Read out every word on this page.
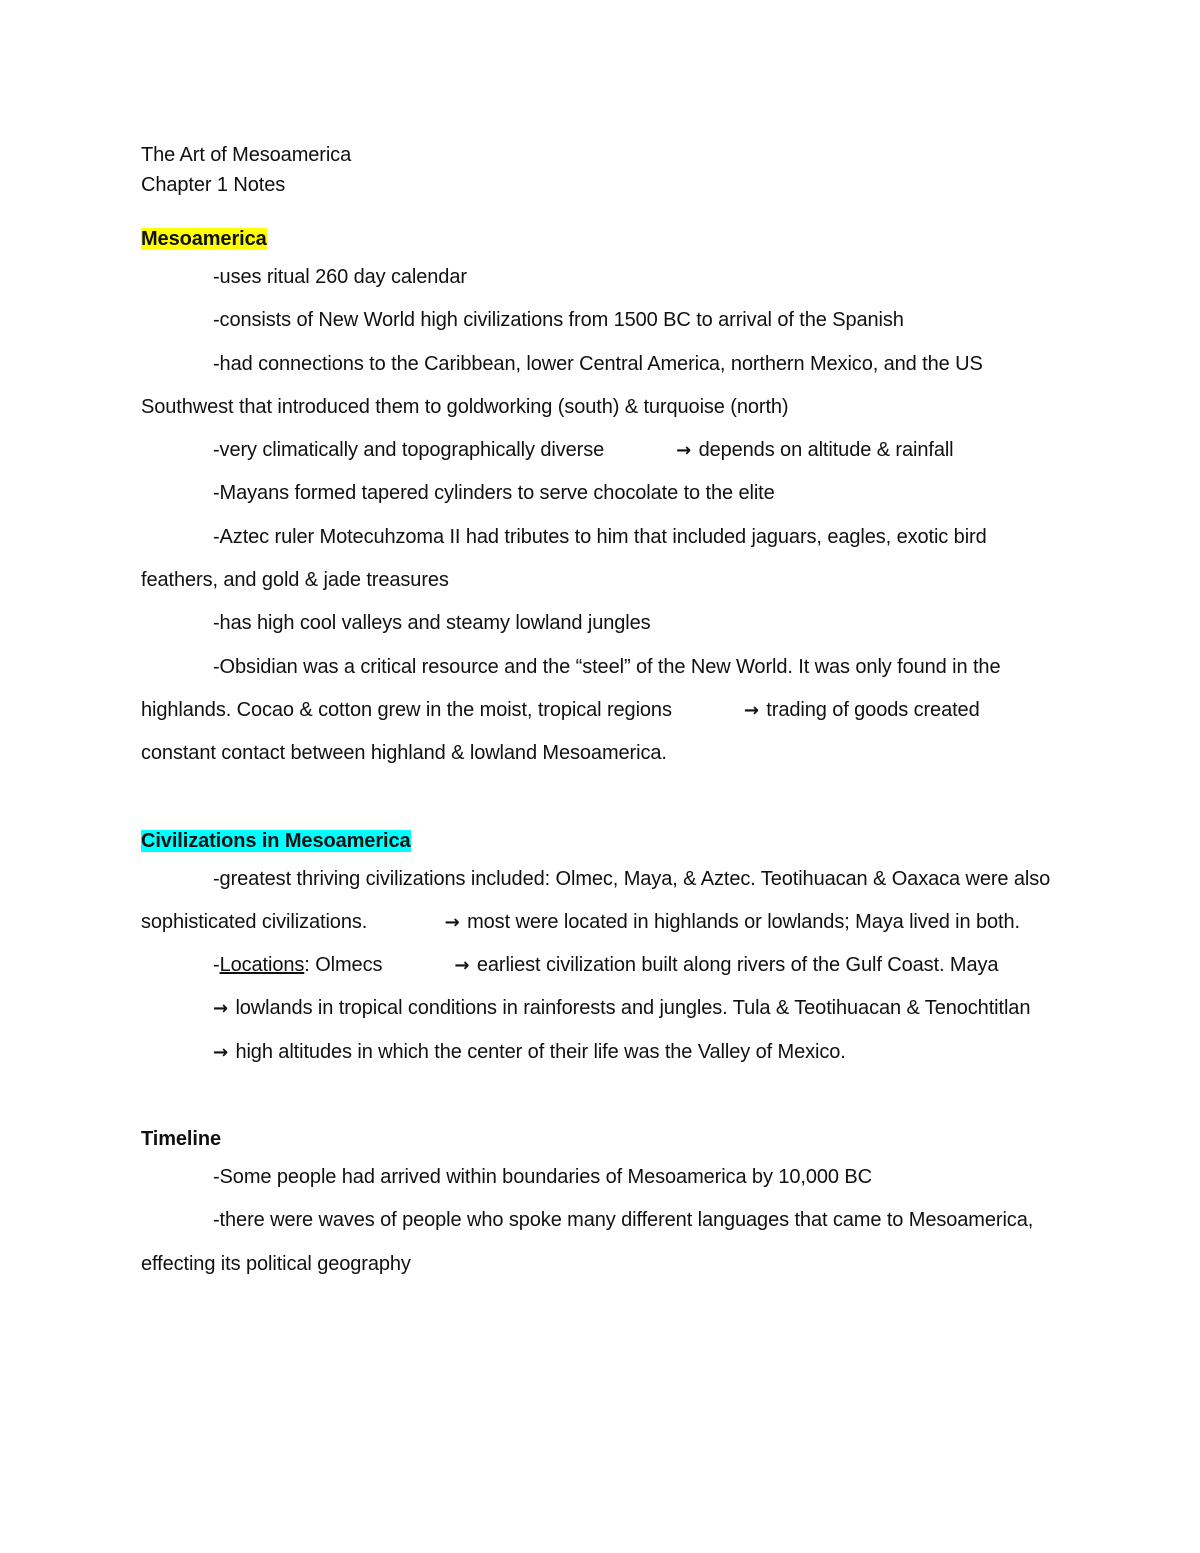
The Art of Mesoamerica
Chapter 1 Notes
Mesoamerica

-uses ritual 260 day calendar

-consists of New World high civilizations from 1500 BC to arrival of the Spanish

-had connections to the Caribbean, lower Central America, northern Mexico, and the US Southwest that introduced them to goldworking (south) & turquoise (north)

-very climatically and topographically diverse	→ depends on altitude & rainfall

-Mayans formed tapered cylinders to serve chocolate to the elite

-Aztec ruler Motecuhzoma II had tributes to him that included jaguars, eagles, exotic bird feathers, and gold & jade treasures

-has high cool valleys and steamy lowland jungles

-Obsidian was a critical resource and the “steel” of the New World. It was only found in the highlands. Cocao & cotton grew in the moist, tropical regions	→ trading of goods created constant contact between highland & lowland Mesoamerica.

Civilizations in Mesoamerica

-greatest thriving civilizations included: Olmec, Maya, & Aztec. Teotihuacan & Oaxaca were also sophisticated civilizations.	→ most were located in highlands or lowlands; Maya lived in both.

-Locations: Olmecs	→ earliest civilization built along rivers of the Gulf Coast. Maya→ lowlands in tropical conditions in rainforests and jungles. Tula & Teotihuacan & Tenochtitlan→ high altitudes in which the center of their life was the Valley of Mexico.

Timeline

-Some people had arrived within boundaries of Mesoamerica by 10,000 BC

-there were waves of people who spoke many different languages that came to Mesoamerica, effecting its political geography
